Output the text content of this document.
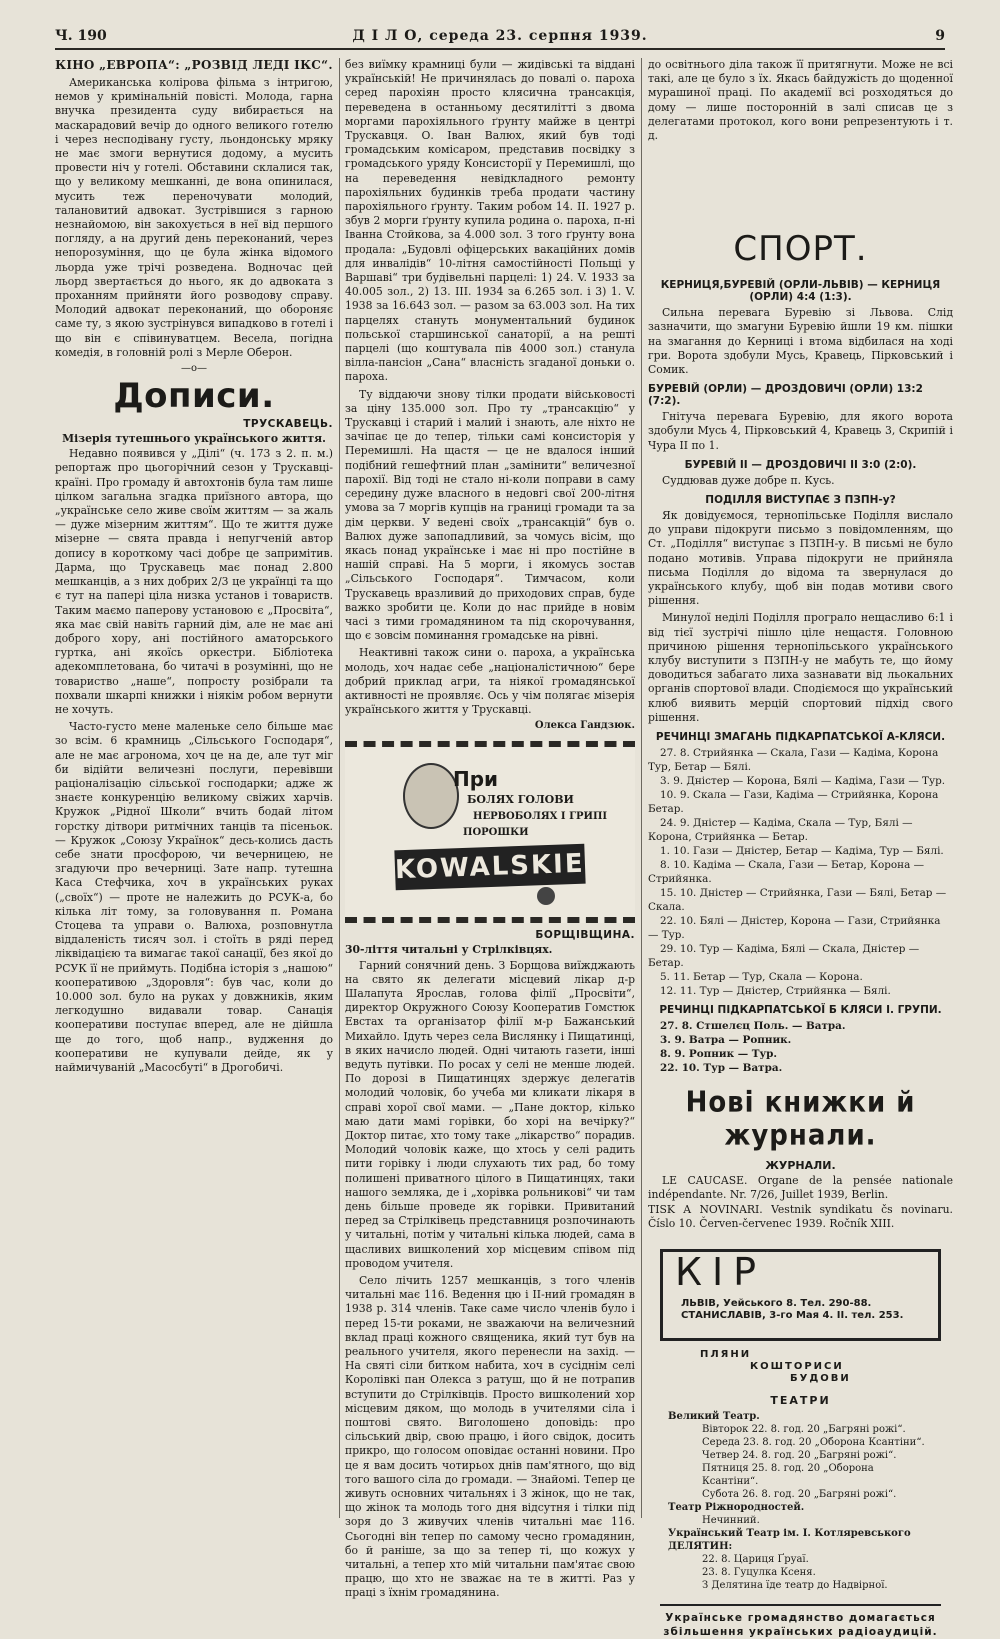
Ч. 190	Д І Л О, середа 23. серпня 1939.	9
КІНО „ЕВРОПА“: „РОЗВІД ЛЕДІ ІКС“.

Американська колірова фільма з інтригою, немов у кримінальній повісті. Молода, гарна внучка президента суду вибирається на маскарадовий вечір до одного великого готелю і через несподівану густу, льондонську мряку не має змоги вернутися додому, а мусить провести ніч у готелі. Обставини склалися так, що у великому мешканні, де вона опинилася, мусить теж переночувати молодий, талановитий адвокат. Зустрівшися з гарною незнайомою, він закохується в неї від першого погляду, а на другий день переконаний, через непорозуміння, що це була жінка відомого льорда уже трічі розведена. Водночас цей льорд звертається до нього, як до адвоката з проханням прийняти його розводову справу. Молодий адвокат переконаний, що обороняє саме ту, з якою зустрінувся випадково в готелі і що він є співинуватцем. Весела, погідна комедія, в головній ролі з Мерле Оберон.

—o—
Дописи.
ТРУСКАВЕЦЬ.

Мізерія тутешнього українського життя.

Недавно появився у „Ділі“ (ч. 173 з 2. п. м.) репортаж про цьогорічний сезон у Трускавці-країні. Про громаду й автохтонів була там лише цілком загальна згадка приїзного автора, що „українське село живе своїм життям — за жаль — дуже мізерним життям“. Що те життя дуже мізерне — свята правда і непугченій автор допису в короткому часі добре це запримітив. Дарма, що Трускавець має понад 2.800 мешканців, а з них добрих 2/3 це українці та що є тут на папері ціла низка установ і товариств. Таким маємо паперову установою є „Просвіта“, яка має свій навіть гарний дім, але не має ані доброго хору, ані постійного аматорського гуртка, ані якоїсь оркестри. Бібліотека адекомплетована, бо читачі в розумінні, що не товариство „наше“, попросту розібрали та похвали шкарпі книжки і ніякім робом вернути не хочуть.

Часто-густо мене маленьке село більше має зо всім. 6 крамниць „Сільського Господаря“, але не має агронома, хоч це на де, але тут міг би відійти величезні послуги, перевівши раціоналізацію сільської господарки; адже ж знаєте конкуренцію великому свіжих харчів. Кружок „Рідної Школи“ вчить бодай літом горстку дітвори ритмічних танців та пісеньок. — Кружок „Союзу Українок“ десь-колись дасть себе знати просфорою, чи вечерницею, не згадуючи про вечерниці. Зате напр. тутешна Каса Стефчика, хоч в українських руках („своїх“) — проте не належить до РСУК-а, бо кілька літ тому, за головування п. Романа Стоцева та управи о. Валюха, розповнутла віддаленість тисяч зол. і стоїть в ряді перед ліквідацією та вимагає такої санації, без якої до РСУК її не приймуть. Подібна історія з „нашою“ кооперативою „Здоровля“: був час, коли до 10.000 зол. було на руках у довжників, яким легкодушно видавали товар. Санація кооперативи поступає вперед, але не дійшла ще до того, щоб напр., вудження до кооперативи не купували дейде, як у наймичуваній „Масосбуті“ в Дрогобичі.

без виїмку крамниці були — жидівські та віддані українській! Не причинялась до повалі о. пароха серед парохіян просто клясична трансакція, переведена в останньому десятилітті з двома моргами парохіяльного ґрунту майже в центрі Трускавця. О. Іван Валюх, який був тоді громадським комісаром, представив посвідку з громадського уряду Консисторії у Перемишлі, що на переведення невідкладного ремонту парохіяльних будинків треба продати частину парохіяльного ґрунту. Таким робом 14. II. 1927 р. збув 2 морги ґрунту купила родина о. пароха, п-ні Іванна Стойкова, за 4.000 зол. З того ґрунту вона продала: „Будовлі офіцерських вакаційних домів для инвалідів“ 10-літня самостійності Польщі у Варшаві“ три будівельні парцелі: 1) 24. V. 1933 за 40.005 зол., 2) 13. III. 1934 за 6.265 зол. і 3) 1. V. 1938 за 16.643 зол. — разом за 63.003 зол. На тих парцелях стануть монументальний будинок польської старшинської санаторії, а на решті парцелі (що коштувала пів 4000 зол.) станула вілла-пансіон „Сана“ власність згаданої доньки о. пароха.

Ту віддаючи знову тілки продати військовості за ціну 135.000 зол. Про ту „трансакцію“ у Трускавці і старий і малий і знають, але ніхто не зачіпає це до тепер, тільки самі консисторія у Перемишлі. На щастя — це не вдалося інший подібний гешефтний план „замінити“ величезної парохії. Від тоді не стало ні-коли поправи в саму середину дуже власного в недовгі свої 200-літня умова за 7 моргів купців на границі громади та за дім церкви. У ведені своїх „трансакцій“ був о. Валюх дуже запопадливий, за чомусь вісім, що якась понад українське і має ні про постійне в нашій справі. На 5 морги, і якомусь зостав „Сільського Господаря“. Тимчасом, коли Трускавець вразливий до приходових справ, буде важко зробити це. Коли до нас прийде в новім часі з тими громадянином та під скорочування, що є зовсім поминання громадське на рівні.

Неактивні також сини о. пароха, а українська молодь, хоч надає себе „націоналістичною“ бере добрий приклад агри, та ніякої громадянської активності не проявляє. Ось у чім полягає мізерія українського життя у Трускавці.

Олекса Гандзюк.
При
БОЛЯХ ГОЛОВИ
НЕРВОБОЛЯХ І ГРИПІ
ПОРОШКИ
KOWALSKIEGO
БОРЩІВЩИНА.

30-ліття читальні у Стрілківцях.

Гарний сонячний день. З Борщова виїжджають на свято як делегати місцевий лікар д-р Шалапута Ярослав, голова філії „Просвіти“, директор Окружного Союзу Кооператив Гомстюк Евстах та організатор філії м-р Бажанський Михайло. Ідуть через села Вислянку і Пищатинці, в яких начисло людей. Одні читають газети, інші ведуть путівки. По росах у селі не менше людей. По дорозі в Пищатинцях здержує делегатів молодий чоловік, бо учеба ми кликати лікаря в справі хорої свої мами. — „Пане доктор, кілько маю дати мамі горівки, бо хорі на вечірку?“ Доктор питає, хто тому таке „лікарство“ порадив. Молодий чоловік каже, що хтось у селі радить пити горівку і люди слухають тих рад, бо тому полишені приватного цілого в Пищатинцях, таки нашого земляка, де і „хорівка рольникові“ чи там день більше проведе як горівки. Привитаний перед за Стрілківець представниця розпочинають у читальні, потім у читальні кілька людей, сама в щасливих вишколений хор місцевим співом під проводом учителя.

Село лічить 1257 мешканців, з того членів читальні має 116. Ведення цю і II-ний громадян в 1938 р. 314 членів. Таке саме число членів було і перед 15-ти роками, не зважаючи на величезний вклад праці кожного священика, який тут був на реального учителя, якого перенесли на захід. — На святі сіли битком набита, хоч в сусіднім селі Королівкі пан Олекса з ратуш, що й не потрапив вступити до Стрілківців. Просто вишколений хор місцевим дяком, що молодь в учителями сіла і поштові свято. Виголошено доповідь: про сільський двір, свою працю, і його свідок, досить прикро, що голосом оповідає останні новини. Про це я вам досить чотирьох днів пам'ятного, що від того вашого сіла до громади. — Знайомі. Тепер це живуть основних читальнях і 3 жінок, що не так, що жінок та молодь того дня відсутня і тілки під зоря до 3 живучих членів читальні має 116. Сьогодні він тепер по самому чесно громадянин, бо й раніше, за що за тепер ті, що кожух у читальні, а тепер хто мій читальни пам'ятає свою працю, що хто не зважає на те в житті. Раз у праці з їхнім громадянина.

до освітнього діла також її притягнути. Може не всі такі, але це було з їх. Якась байдужість до щоденної мурашиної праці. По академії всі розходяться до дому — лише посторонній в залі списав це з делегатами протокол, кого вони репрезентують і т. д.

СПОРТ.
КЕРНИЦЯ,БУРЕВІЙ (ОРЛИ-ЛЬВІВ) — КЕРНИЦЯ (ОРЛИ) 4:4 (1:3).

Сильна перевага Буревію зі Львова. Слід зазначити, що змагуни Буревію йшли 19 км. пішки на змагання до Керниці і втома відбилася на ході гри. Ворота здобули Мусь, Кравець, Пірковський і Сомик.

БУРЕВІЙ (ОРЛИ) — ДРОЗДОВИЧІ (ОРЛИ) 13:2 (7:2).

Гнітуча перевага Буревію, для якого ворота здобули Мусь 4, Пірковський 4, Кравець 3, Скрипій і Чура II по 1.

БУРЕВІЙ II — ДРОЗДОВИЧІ II 3:0 (2:0).

Суддював дуже добре п. Кусь.

ПОДІЛЛЯ ВИСТУПАЄ З ПЗПН-у?

Як довідуємося, тернопільське Поділля вислало до управи підокруги письмо з повідомленням, що Ст. „Поділля“ виступає з ПЗПН-у. В письмі не було подано мотивів. Управа підокруги не прийняла письма Поділля до відома та звернулася до українського клубу, щоб він подав мотиви свого рішення.

Минулої неділі Поділля програло нещасливо 6:1 і від тієї зустрічі пішло ціле нещастя. Головною причиною рішення тернопільського українського клубу виступити з ПЗПН-у не мабуть те, що йому доводиться забагато лиха зазнавати від льокальних органів спортової влади. Сподіємося що український клюб виявить мерцій спортовий підхід свого рішення.

РЕЧИНЦІ ЗМАГАНЬ ПІДКАРПАТСЬКОЇ А-КЛЯСИ.

27. 8. Стрийянка — Скала, Гази — Кадіма, Корона Тур, Бетар — Бялі.

3. 9. Дністер — Корона, Бялі — Кадіма, Гази — Тур.

10. 9. Скала — Гази, Кадіма — Стрийянка, Корона Бетар.

24. 9. Дністер — Кадіма, Скала — Тур, Бялі — Корона, Стрийянка — Бетар.

1. 10. Гази — Дністер, Бетар — Кадіма, Тур — Бялі.

8. 10. Кадіма — Скала, Гази — Бетар, Корона — Стрийянка.

15. 10. Дністер — Стрийянка, Гази — Бялі, Бетар — Скала.

22. 10. Бялі — Дністер, Корона — Гази, Стрийянка — Тур.

29. 10. Тур — Кадіма, Бялі — Скала, Дністер — Бетар.

5. 11. Бетар — Тур, Скала — Корона.

12. 11. Тур — Дністер, Стрийянка — Бялі.

РЕЧИНЦІ ПІДКАРПАТСЬКОЇ Б КЛЯСИ І. ГРУПИ.

27. 8. Стшелєц Поль. — Ватра.

3. 9. Ватра — Ропник.

8. 9. Ропник — Тур.

22. 10. Тур — Ватра.

Нові книжки й журнали.
ЖУРНАЛИ.

LE CAUCASE. Organe de la pensée nationale indépendante. Nr. 7/26, Juillet 1939, Berlin.
TISK A NOVINARI. Vestnik syndikatu čs novinaru. Číslo 10. Červen-červenec 1939. Ročník XIII.

КІР
ЛЬВІВ, Уейського 8. Тел. 290-88.
СТАНИСЛАВІВ, 3-го Мая 4. II. тел. 253.
ПЛЯНИ
КОШТОРИСИ
БУДОВИ
ТЕАТРИ

Великий Театр.

Вівторок 22. 8. год. 20 „Багряні рожі“.

Середа 23. 8. год. 20 „Оборона Ксантіни“.

Четвер 24. 8. год. 20 „Багряні рожі“.

Пятниця 25. 8. год. 20 „Оборона Ксантіни“.

Субота 26. 8. год. 20 „Багряні рожі“.

Театр Ріжнородностей.

Нечинний.

Український Театр ім. І. Котляревського

ДЕЛЯТИН:

22. 8. Цариця Ґруаї.

23. 8. Гуцулка Ксеня.

З Делятина їде театр до Надвірної.

Українське громадянство домагається збільшення українських радіоаудицій.
